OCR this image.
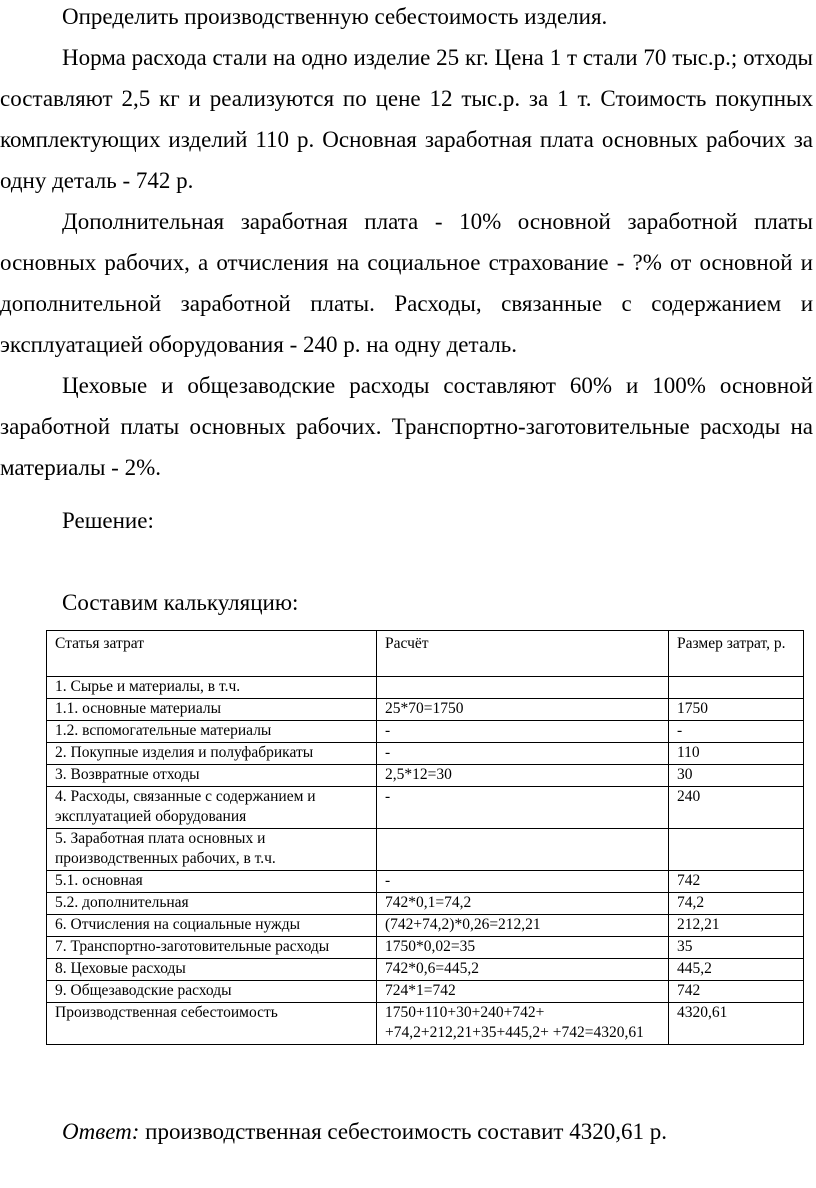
Определить производственную себестоимость изделия.
Норма расхода стали на одно изделие 25 кг. Цена 1 т стали 70 тыс.р.; отходы составляют 2,5 кг и реализуются по цене 12 тыс.р. за 1 т. Стоимость покупных комплектующих изделий 110 р. Основная заработная плата основных рабочих за одну деталь - 742 р.
Дополнительная заработная плата - 10% основной заработной платы основных рабочих, а отчисления на социальное страхование - ?% от основной и дополнительной заработной платы. Расходы, связанные с содержанием и эксплуатацией оборудования - 240 р. на одну деталь.
Цеховые и общезаводские расходы составляют 60% и 100% основной заработной платы основных рабочих. Транспортно-заготовительные расходы на материалы - 2%.
Решение:
Составим калькуляцию:
Статья затрат	Расчёт	Размер затрат, р.
1. Сырье и материалы, в т.ч.		
1.1. основные материалы	25*70=1750	1750
1.2. вспомогательные материалы	-	-
2. Покупные изделия и полуфабрикаты	-	110
3. Возвратные отходы	2,5*12=30	30
4. Расходы, связанные с содержанием и эксплуатацией оборудования	-	240
5. Заработная плата основных и производственных рабочих, в т.ч.		
5.1. основная	-	742
5.2. дополнительная	742*0,1=74,2	74,2
6. Отчисления на социальные нужды	(742+74,2)*0,26=212,21	212,21
7. Транспортно-заготовительные расходы	1750*0,02=35	35
8. Цеховые расходы	742*0,6=445,2	445,2
9. Общезаводские расходы	724*1=742	742
Производственная себестоимость	1750+110+30+240+742+ +74,2+212,21+35+445,2+ +742=4320,61	4320,61
Ответ: производственная себестоимость составит 4320,61 р.
